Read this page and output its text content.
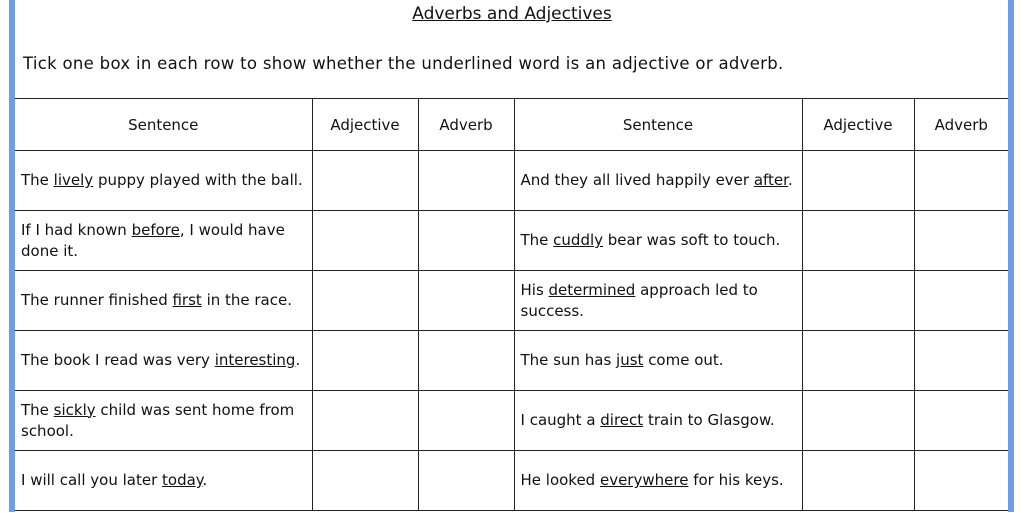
Adverbs and Adjectives
Tick one box in each row to show whether the underlined word is an adjective or adverb.
Sentence	Adjective	Adverb	Sentence	Adjective	Adverb
The lively puppy played with the ball.			And they all lived happily ever after.		
If I had known before, I would have done it.			The cuddly bear was soft to touch.		
The runner finished first in the race.			His determined approach led to success.		
The book I read was very interesting.			The sun has just come out.		
The sickly child was sent home from school.			I caught a direct train to Glasgow.		
I will call you later today.			He looked everywhere for his keys.		
